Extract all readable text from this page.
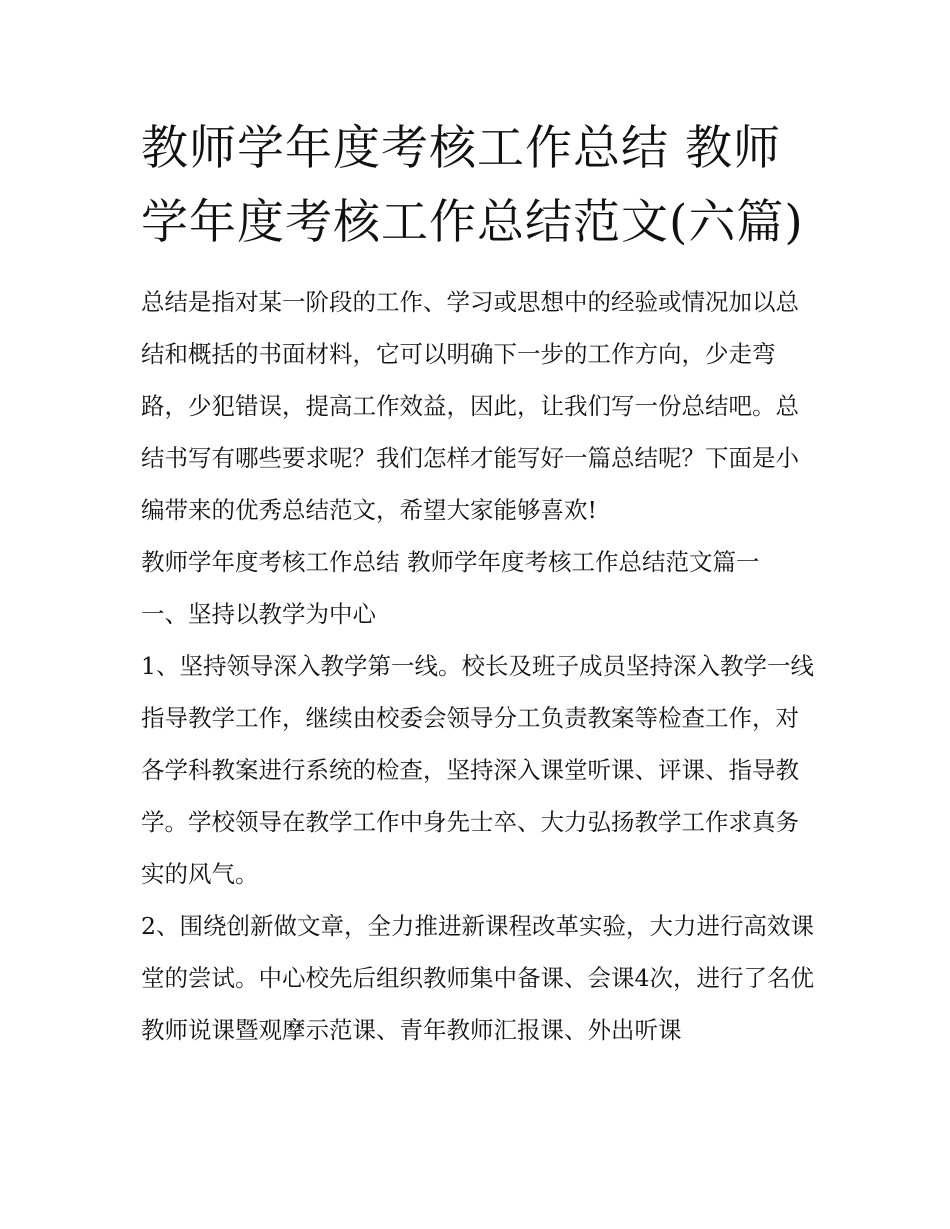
教师学年度考核工作总结 教师学年度考核工作总结范文(六篇)

总结是指对某一阶段的工作、学习或思想中的经验或情况加以总结和概括的书面材料，它可以明确下一步的工作方向，少走弯路，少犯错误，提高工作效益，因此，让我们写一份总结吧。总结书写有哪些要求呢？我们怎样才能写好一篇总结呢？下面是小编带来的优秀总结范文，希望大家能够喜欢!

教师学年度考核工作总结 教师学年度考核工作总结范文篇一

一、坚持以教学为中心

1、坚持领导深入教学第一线。校长及班子成员坚持深入教学一线指导教学工作，继续由校委会领导分工负责教案等检查工作，对各学科教案进行系统的检查，坚持深入课堂听课、评课、指导教学。学校领导在教学工作中身先士卒、大力弘扬教学工作求真务实的风气。

2、围绕创新做文章，全力推进新课程改革实验，大力进行高效课堂的尝试。中心校先后组织教师集中备课、会课4次，进行了名优教师说课暨观摩示范课、青年教师汇报课、外出听课
